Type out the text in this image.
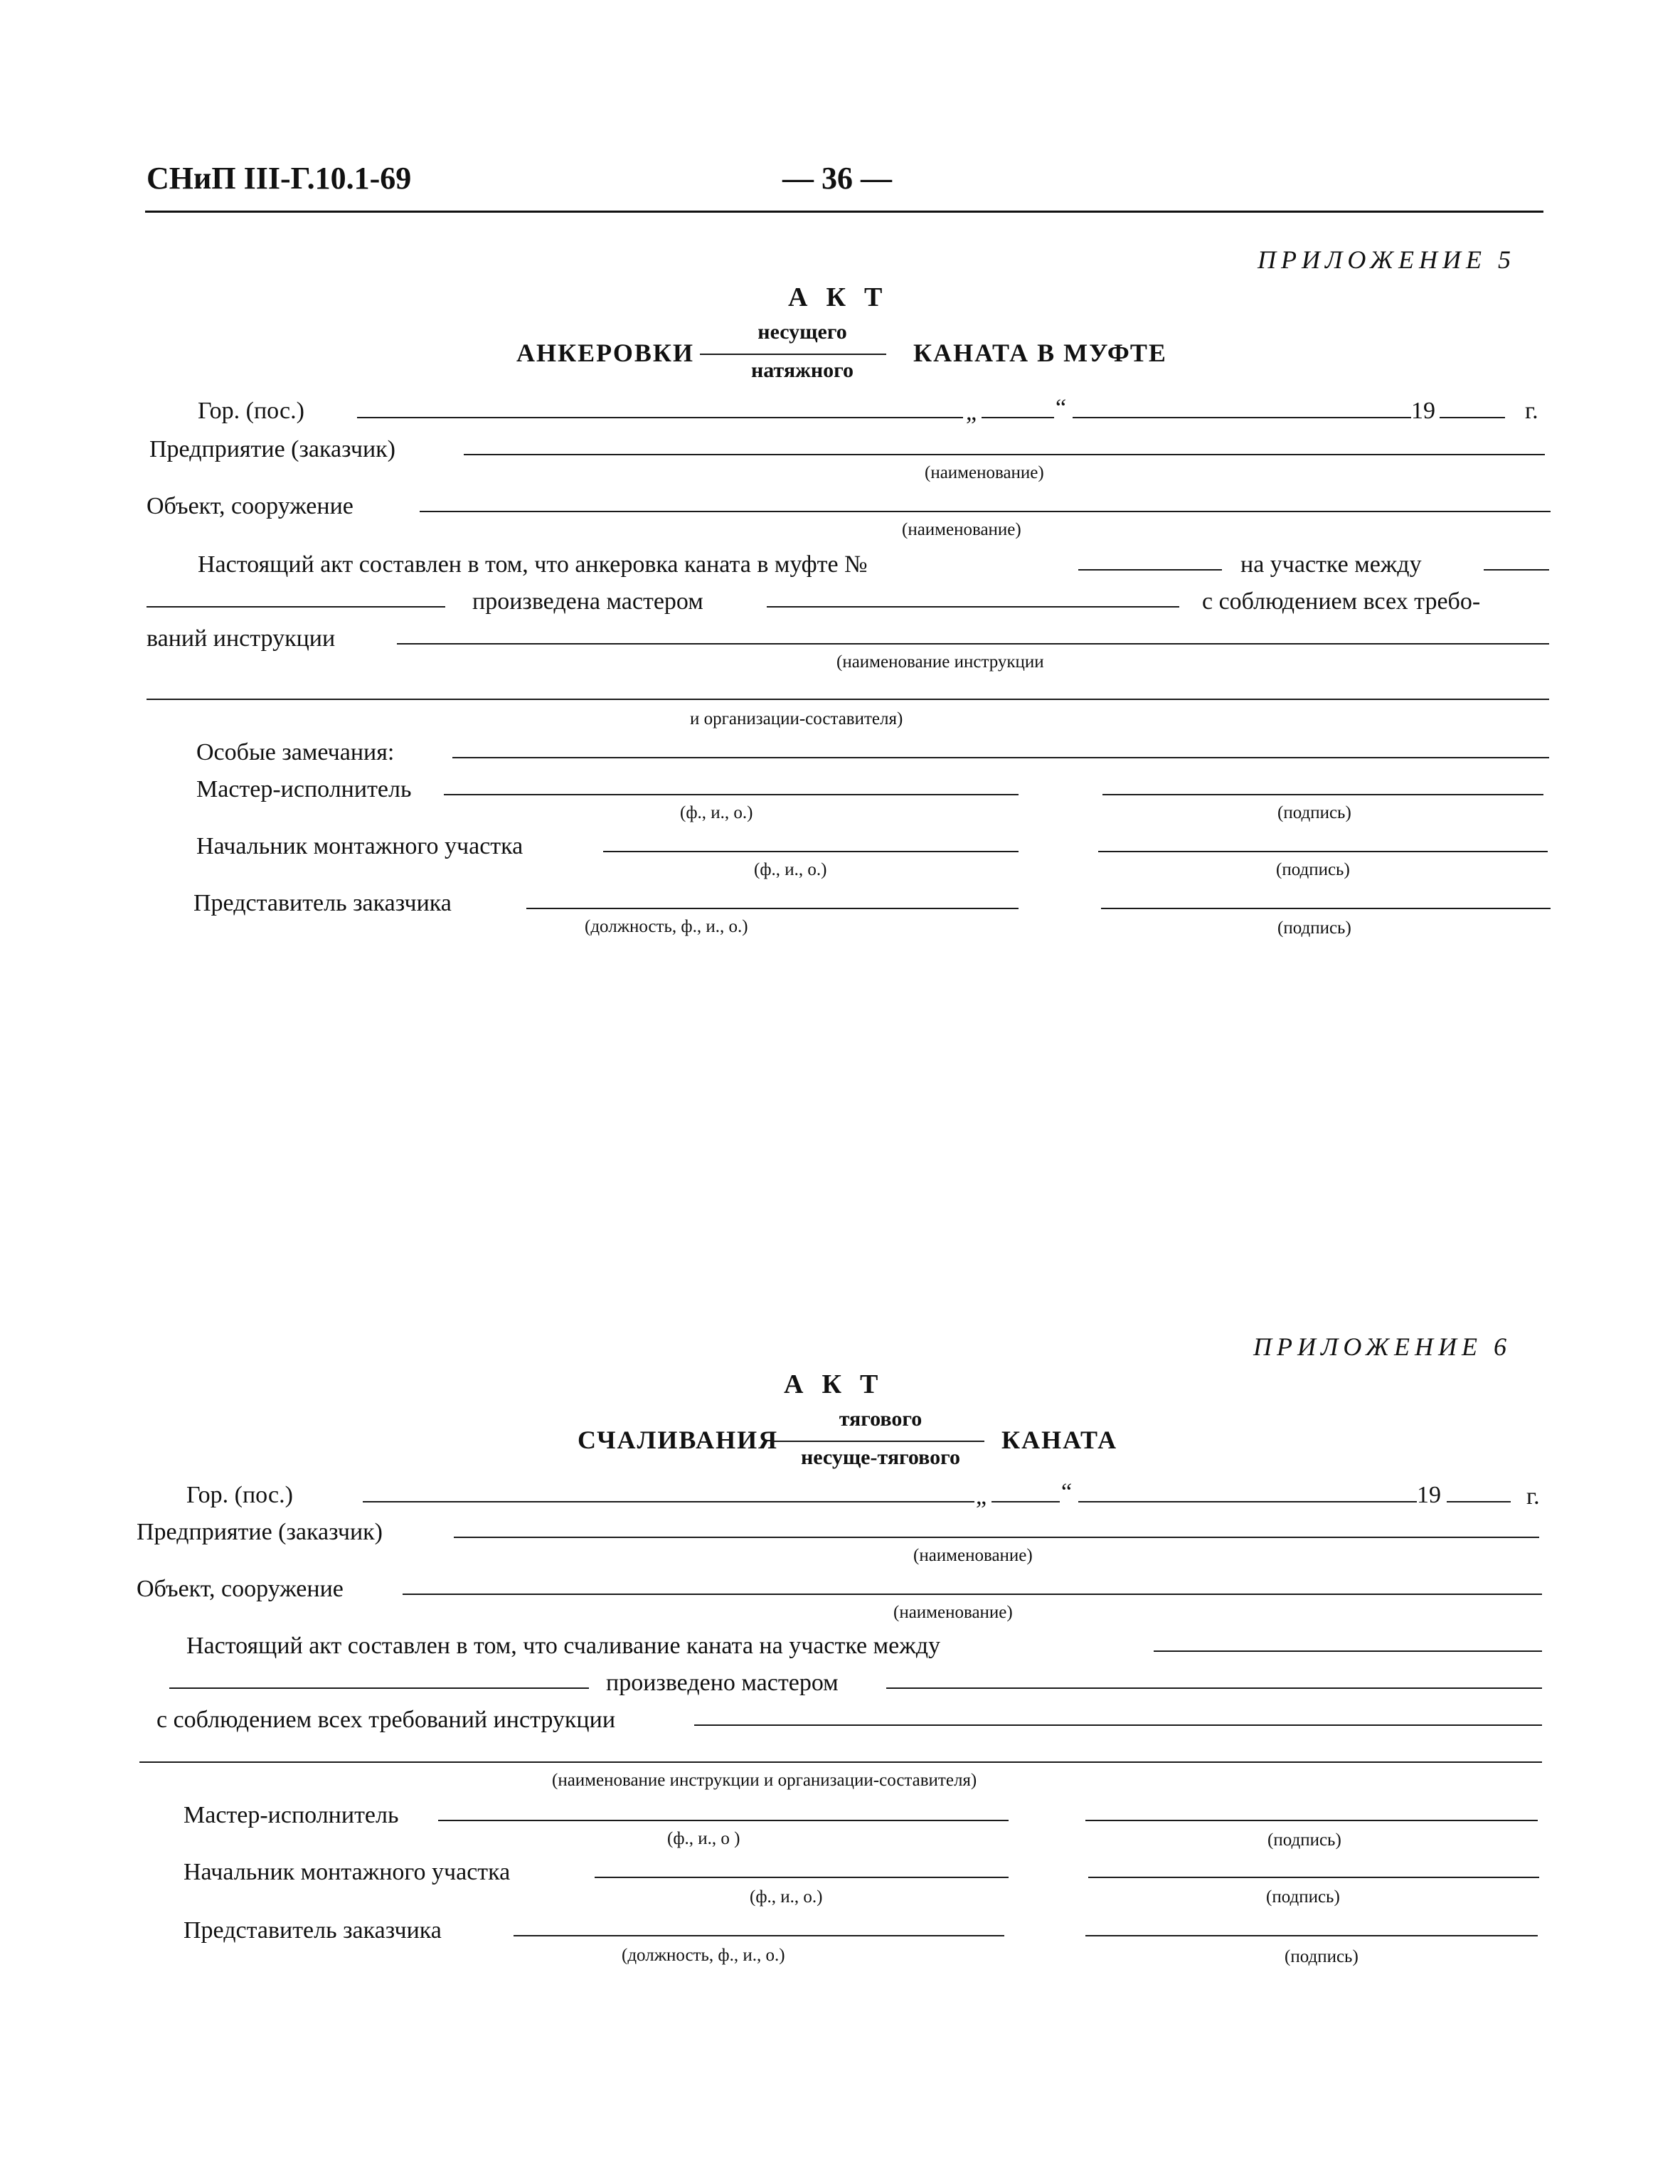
СНиП III-Г.10.1-69	— 36 —
ПРИЛОЖЕНИЕ 5
АКТ
АНКЕРОВКИ
несущего
натяжного
КАНАТА В МУФТЕ
Гор. (пос.)	„	“	19	г.
Предприятие (заказчик)
(наименование)
Объект, сооружение
(наименование)
Настоящий акт составлен в том, что анкеровка каната в муфте №	на участке между
произведена мастером	с соблюдением всех требо-
ваний инструкции
(наименование инструкции
и организации-составителя)
Особые замечания:
Мастер-исполнитель
(ф., и., о.)	(подпись)
Начальник монтажного участка
(ф., и., о.)	(подпись)
Представитель заказчика
(должность, ф., и., о.)	(подпись)
ПРИЛОЖЕНИЕ 6
АКТ
СЧАЛИВАНИЯ
тягового
несуще-тягового
КАНАТА
Гор. (пос.)	„	“	19	г.
Предприятие (заказчик)
(наименование)
Объект, сооружение
(наименование)
Настоящий акт составлен в том, что счаливание каната на участке между
произведено мастером
с соблюдением всех требований инструкции
(наименование инструкции и организации-составителя)
Мастер-исполнитель
(ф., и., о )	(подпись)
Начальник монтажного участка
(ф., и., о.)	(подпись)
Представитель заказчика
(должность, ф., и., о.)	(подпись)
